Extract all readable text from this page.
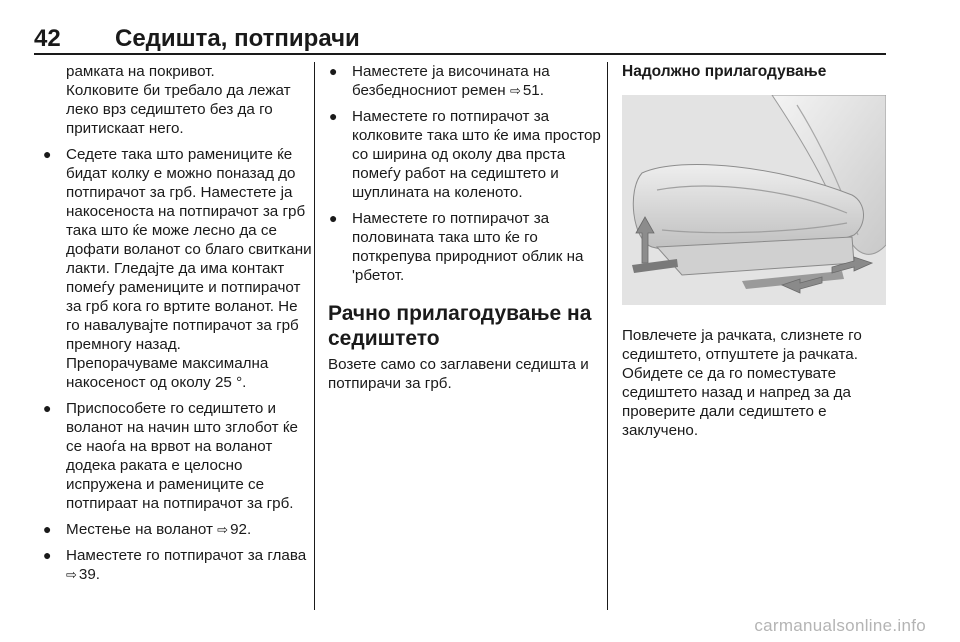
42 Седишта, потпирачи

рамката на покривот.

Колковите би требало да лежат леко врз седиштето без да го притискаат него.

● Седете така што рамениците ќе бидат колку е можно поназад до потпирачот за грб. Наместете ја накосеноста на потпирачот за грб така што ќе може лесно да се дофати воланот со благо свиткани лакти. Гледајте да има контакт помеѓу рамениците и потпирачот за грб кога го вртите воланот. Не го навалувајте потпирачот за грб премногу назад.
Препорачуваме максимална накосеност од околу 25 °.
● Приспособете го седиштето и воланот на начин што зглобот ќе се наоѓа на врвот на воланот додека раката е целосно испружена и рамениците се потпираат на потпирачот за грб.
● Местење на воланот ⇨ 92.
● Наместете го потпирачот за глава ⇨ 39.
● Наместете ја височината на безбедносниот ремен ⇨ 51.
● Наместете го потпирачот за колковите така што ќе има простор со ширина од околу два прста помеѓу работ на седиштето и шуплината на коленото.
● Наместете го потпирачот за половината така што ќе го поткрепува природниот облик на 'рбетот.
Рачно прилагодување на седиштето

Возете само со заглавени седишта и потпирачи за грб.

Надолжно прилагодување

Повлечете ја рачката, слизнете го седиштето, отпуштете ја рачката. Обидете се да го поместувате седиштето назад и напред за да проверите дали седиштето е заклучено.

carmanualsonline.info
